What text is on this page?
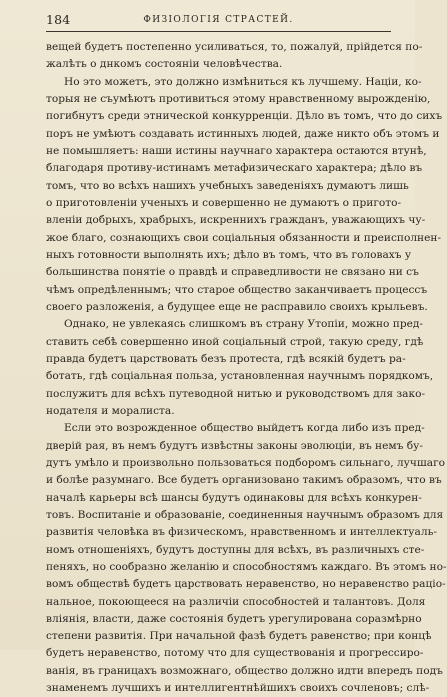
184	ФИЗІОЛОГІЯ СТРАСТЕЙ.
вещей будетъ постепенно усиливаться, то, пожалуй, прійдется по-
жалѣть о днкомъ состояніи человѣчества.
Но это можетъ, это должно измѣниться къ лучшему. Націи, ко-
торыя не съумѣютъ противиться этому нравственному вырожденію,
погибнутъ среди этнической конкурренціи. Дѣло въ томъ, что до сихъ
поръ не умѣютъ создавать истинныхъ людей, даже никто объ этомъ и
не помышляетъ: наши истины научнаго характера остаются втунѣ,
благодаря противу-истинамъ метафизическаго характера; дѣло въ
томъ, что во всѣхъ нашихъ учебныхъ заведеніяхъ думаютъ лишь
о приготовленіи ученыхъ и совершенно не думаютъ о пригото-
вленіи добрыхъ, храбрыхъ, искреннихъ гражданъ, уважающихъ чу-
жое благо, сознающихъ свои соціальныя обязанности и преисполнен-
ныхъ готовности выполнять ихъ; дѣло въ томъ, что въ головахъ у
большинства понятіе о правдѣ и справедливости не связано ни съ
чѣмъ опредѣленнымъ; что старое общество заканчиваетъ процессъ
своего разложенія, а будущее еще не расправило своихъ крыльевъ.
Однако, не увлекаясь слишкомъ въ страну Утопіи, можно пред-
ставить себѣ совершенно иной соціальный строй, такую среду, гдѣ
правда будетъ царствовать безъ протеста, гдѣ всякій будетъ ра-
ботать, гдѣ соціальная польза, установленная научнымъ порядкомъ,
послужитъ для всѣхъ путеводной нитью и руководствомъ для зако-
нодателя и моралиста.
Если это возрожденное общество выйдетъ когда либо изъ пред-
дверій рая, въ немъ будутъ извѣстны законы эволюціи, въ немъ бу-
дутъ умѣло и произвольно пользоваться подборомъ сильнаго, лучшаго
и болѣе разумнаго. Все будетъ организовано такимъ образомъ, что въ
началѣ карьеры всѣ шансы будутъ одинаковы для всѣхъ конкурен-
товъ. Воспитаніе и образованіе, соединенныя научнымъ образомъ для
развитія человѣка въ физическомъ, нравственномъ и интеллектуаль-
номъ отношеніяхъ, будутъ доступны для всѣхъ, въ различныхъ сте-
пеняхъ, но сообразно желанію и способностямъ каждаго. Въ этомъ но-
вомъ обществѣ будетъ царствовать неравенство, но неравенство раціо-
нальное, покоющееся на различіи способностей и талантовъ. Доля
вліянія, власти, даже состоянія будетъ урегулирована соразмѣрно
степени развитія. При начальной фазѣ будетъ равенство; при концѣ
будетъ неравенство, потому что для существованія и прогрессиро-
ванія, въ границахъ возможнаго, общество должно идти впередъ подъ
знаменемъ лучшихъ и интеллигентнѣйшихъ своихъ сочленовъ; слѣ-
